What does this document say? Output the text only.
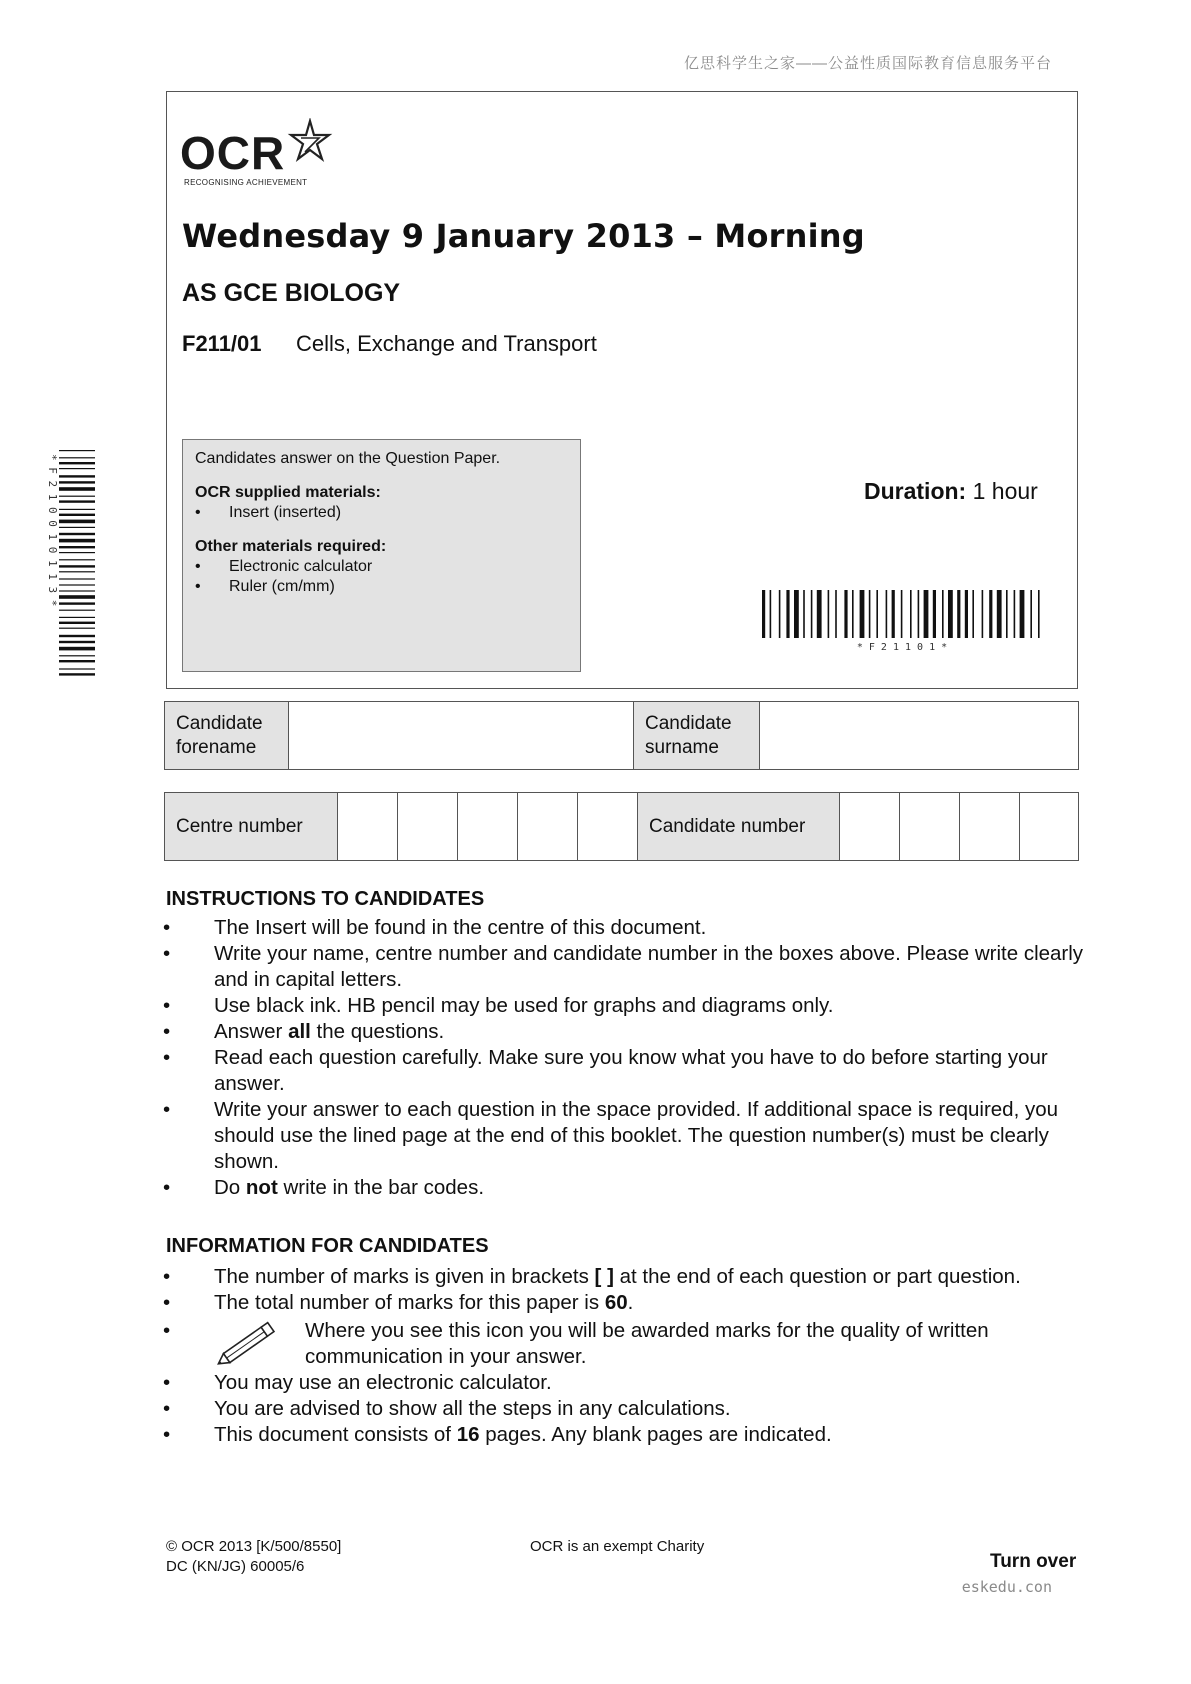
亿思科学生之家——公益性质国际教育信息服务平台
OCR
RECOGNISING ACHIEVEMENT
Wednesday 9 January 2013 – Morning
AS GCE BIOLOGY
F211/01 Cells, Exchange and Transport

Candidates answer on the Question Paper.

OCR supplied materials:

•	Insert (inserted)

Other materials required:

•	Electronic calculator
•	Ruler (cm/mm)
Duration: 1 hour
* F 2 1 1 0 1 *
* F 2 1 0 0 1 0 1 1 3 *
Candidate forename		Candidate surname	
Centre number						Candidate number				
INSTRUCTIONS TO CANDIDATES
•	The Insert will be found in the centre of this document.
•	Write your name, centre number and candidate number in the boxes above. Please write clearly and in capital letters.
•	Use black ink. HB pencil may be used for graphs and diagrams only.
•	Answer all the questions.
•	Read each question carefully. Make sure you know what you have to do before starting your answer.
•	Write your answer to each question in the space provided. If additional space is required, you should use the lined page at the end of this booklet. The question number(s) must be clearly shown.
•	Do not write in the bar codes.
INFORMATION FOR CANDIDATES
•	The number of marks is given in brackets [ ] at the end of each question or part question.
•	The total number of marks for this paper is 60.
•	Where you see this icon you will be awarded marks for the quality of written communication in your answer.
•	You may use an electronic calculator.
•	You are advised to show all the steps in any calculations.
•	This document consists of 16 pages. Any blank pages are indicated.
© OCR 2013 [K/500/8550]
DC (KN/JG) 60005/6
OCR is an exempt Charity
Turn over
eskedu.con
